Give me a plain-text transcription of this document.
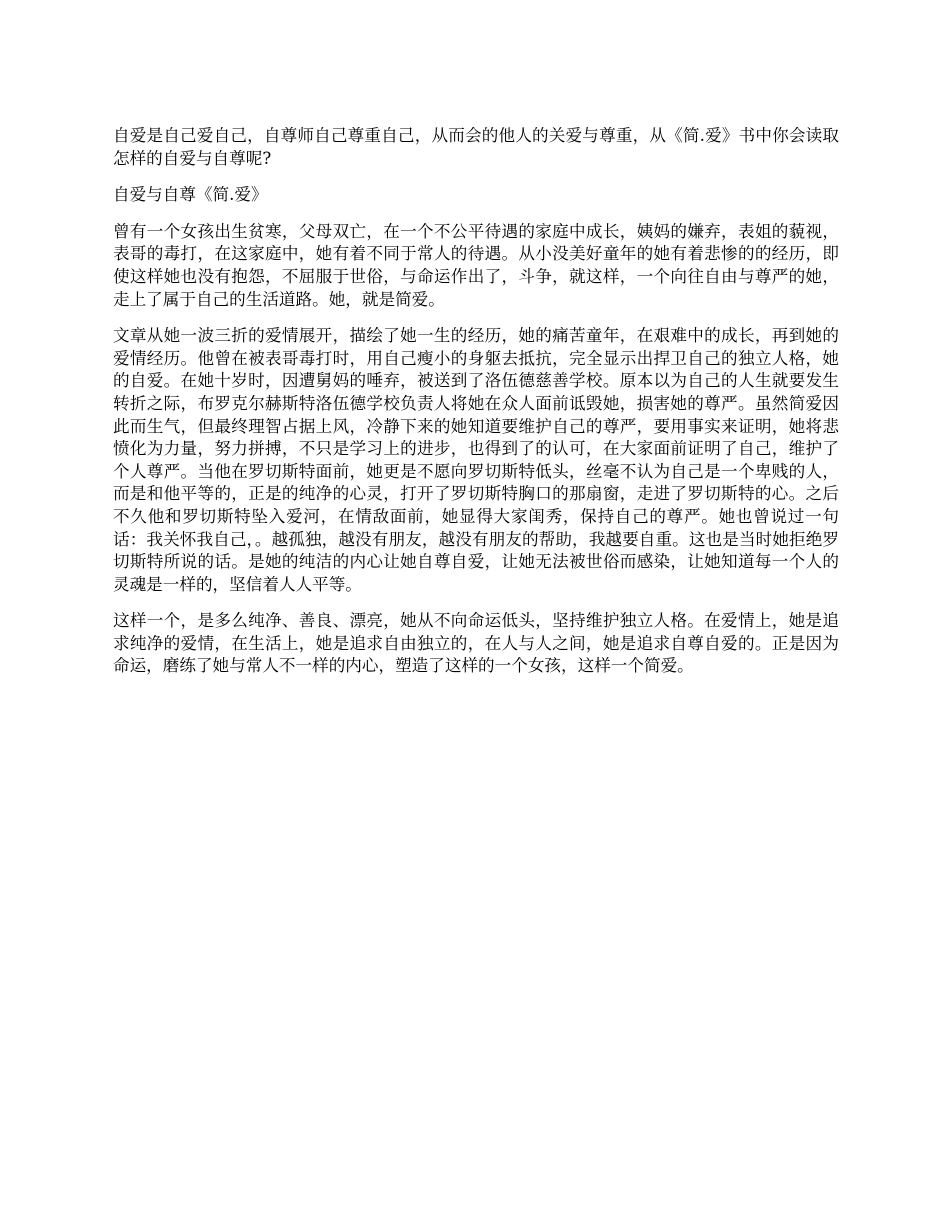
自爱是自己爱自己，自尊师自己尊重自己，从而会的他人的关爱与尊重，从《简.爱》书中你会读取怎样的自爱与自尊呢?

自爱与自尊《简.爱》

曾有一个女孩出生贫寒，父母双亡，在一个不公平待遇的家庭中成长，姨妈的嫌弃，表姐的藐视，表哥的毒打，在这家庭中，她有着不同于常人的待遇。从小没美好童年的她有着悲惨的的经历，即使这样她也没有抱怨，不屈服于世俗，与命运作出了，斗争，就这样，一个向往自由与尊严的她，走上了属于自己的生活道路。她，就是简爱。

文章从她一波三折的爱情展开，描绘了她一生的经历，她的痛苦童年，在艰难中的成长，再到她的爱情经历。他曾在被表哥毒打时，用自己瘦小的身躯去抵抗，完全显示出捍卫自己的独立人格，她的自爱。在她十岁时，因遭舅妈的唾弃，被送到了洛伍德慈善学校。原本以为自己的人生就要发生转折之际，布罗克尔赫斯特洛伍德学校负责人将她在众人面前诋毁她，损害她的尊严。虽然简爱因此而生气，但最终理智占据上风，冷静下来的她知道要维护自己的尊严，要用事实来证明，她将悲愤化为力量，努力拼搏，不只是学习上的进步，也得到了的认可，在大家面前证明了自己，维护了个人尊严。当他在罗切斯特面前，她更是不愿向罗切斯特低头，丝毫不认为自己是一个卑贱的人，而是和他平等的，正是的纯净的心灵，打开了罗切斯特胸口的那扇窗，走进了罗切斯特的心。之后不久他和罗切斯特坠入爱河，在情敌面前，她显得大家闺秀，保持自己的尊严。她也曾说过一句话：我关怀我自己，。越孤独，越没有朋友，越没有朋友的帮助，我越要自重。这也是当时她拒绝罗切斯特所说的话。是她的纯洁的内心让她自尊自爱，让她无法被世俗而感染，让她知道每一个人的灵魂是一样的，坚信着人人平等。

这样一个，是多么纯净、善良、漂亮，她从不向命运低头，坚持维护独立人格。在爱情上，她是追求纯净的爱情，在生活上，她是追求自由独立的，在人与人之间，她是追求自尊自爱的。正是因为命运，磨练了她与常人不一样的内心，塑造了这样的一个女孩，这样一个简爱。
